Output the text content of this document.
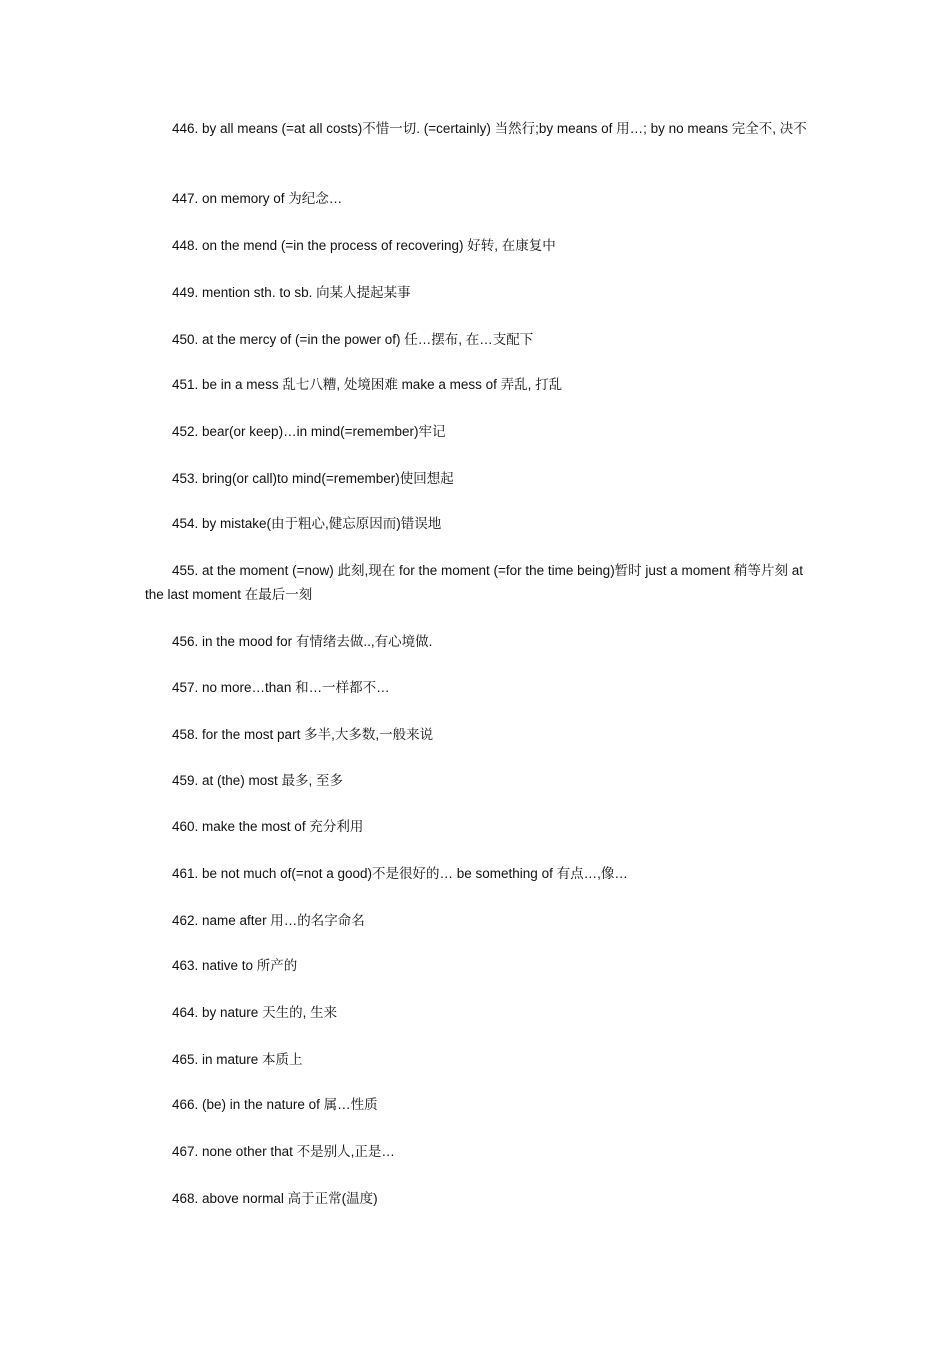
446. by all means (=at all costs)不惜一切. (=certainly) 当然行;by means of 用…; by no means 完全不, 决不

447. on memory of 为纪念…

448. on the mend (=in the process of recovering) 好转, 在康复中

449. mention sth. to sb. 向某人提起某事

450. at the mercy of (=in the power of) 任…摆布, 在…支配下

451. be in a mess 乱七八糟, 处境困难 make a mess of 弄乱, 打乱

452. bear(or keep)…in mind(=remember)牢记

453. bring(or call)to mind(=remember)使回想起

454. by mistake(由于粗心,健忘原因而)错误地

455. at the moment (=now) 此刻,现在 for the moment (=for the time being)暂时 just a moment 稍等片刻 at the last moment 在最后一刻

456. in the mood for 有情绪去做..,有心境做.

457. no more…than 和…一样都不…

458. for the most part 多半,大多数,一般来说

459. at (the) most 最多, 至多

460. make the most of 充分利用

461. be not much of(=not a good)不是很好的… be something of 有点…,像…

462. name after 用…的名字命名

463. native to 所产的

464. by nature 天生的, 生来

465. in mature 本质上

466. (be) in the nature of 属…性质

467. none other that 不是别人,正是…

468. above normal 高于正常(温度)
